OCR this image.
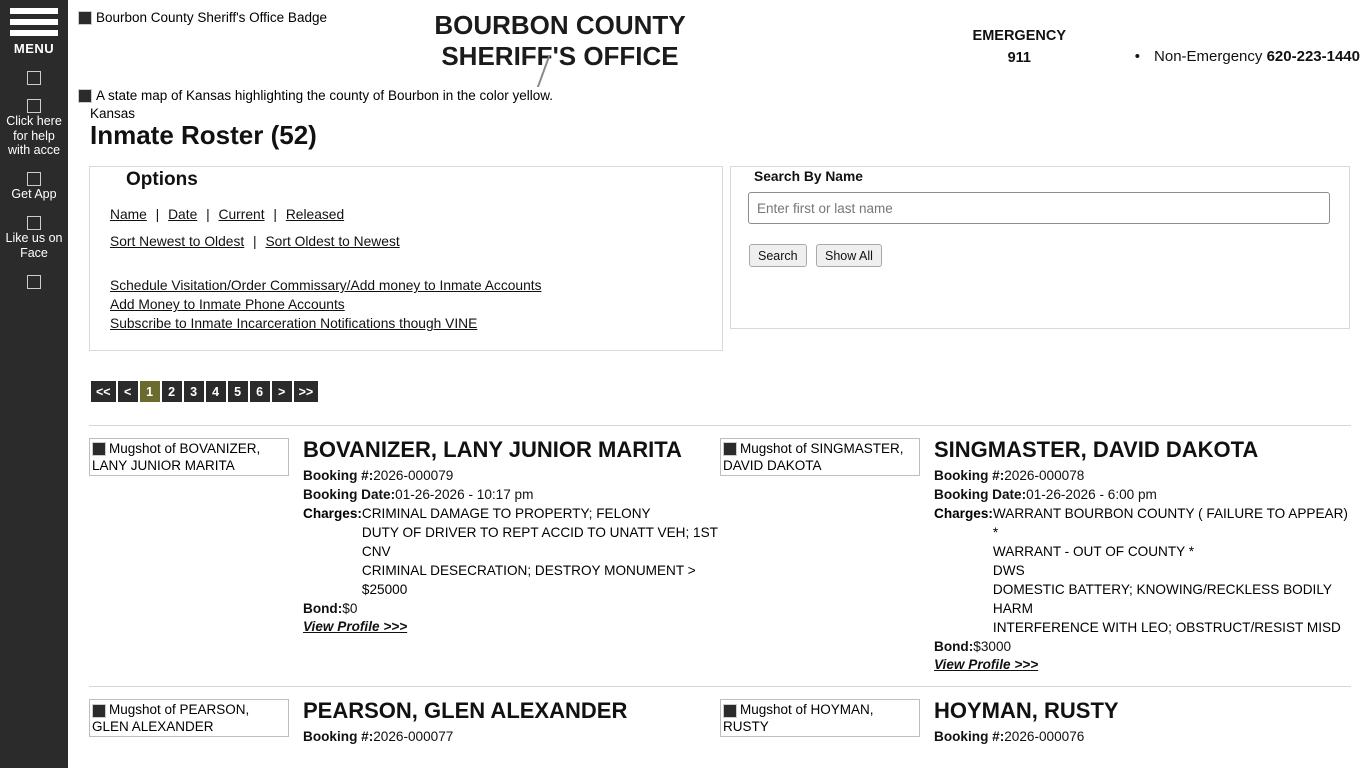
MENU
Click here for help with acce
Get App
Like us on Face
Bourbon County Sheriff's Office Badge	BOURBON COUNTY
SHERIFF'S OFFICE
EMERGENCY
911	• Non-Emergency 620-223-1440
A state map of Kansas highlighting the county of Bourbon in the color yellow.
Kansas
Inmate Roster (52)
Options
Name | Date | Current | Released
Sort Newest to Oldest | Sort Oldest to Newest
Schedule Visitation/Order Commissary/Add money to Inmate Accounts
Add Money to Inmate Phone Accounts
Subscribe to Inmate Incarceration Notifications though VINE
Search By Name
Enter first or last name
Search	Show All
<<	<	1	2	3	4	5	6	>	>>
Mugshot of BOVANIZER, LANY JUNIOR MARITA
BOVANIZER, LANY JUNIOR MARITA
Booking #:2026-000079
Booking Date:01-26-2026 - 10:17 pm
Charges: CRIMINAL DAMAGE TO PROPERTY; FELONY
DUTY OF DRIVER TO REPT ACCID TO UNATT VEH; 1ST CNV
CRIMINAL DESECRATION; DESTROY MONUMENT > $25000
Bond:$0
View Profile >>>
Mugshot of SINGMASTER, DAVID DAKOTA
SINGMASTER, DAVID DAKOTA
Booking #:2026-000078
Booking Date:01-26-2026 - 6:00 pm
Charges: WARRANT BOURBON COUNTY ( FAILURE TO APPEAR) *
WARRANT - OUT OF COUNTY *
DWS
DOMESTIC BATTERY; KNOWING/RECKLESS BODILY HARM
INTERFERENCE WITH LEO; OBSTRUCT/RESIST MISD
Bond:$3000
View Profile >>>
Mugshot of PEARSON, GLEN ALEXANDER
PEARSON, GLEN ALEXANDER
Booking #:2026-000077
Mugshot of HOYMAN, RUSTY
HOYMAN, RUSTY
Booking #:2026-000076
